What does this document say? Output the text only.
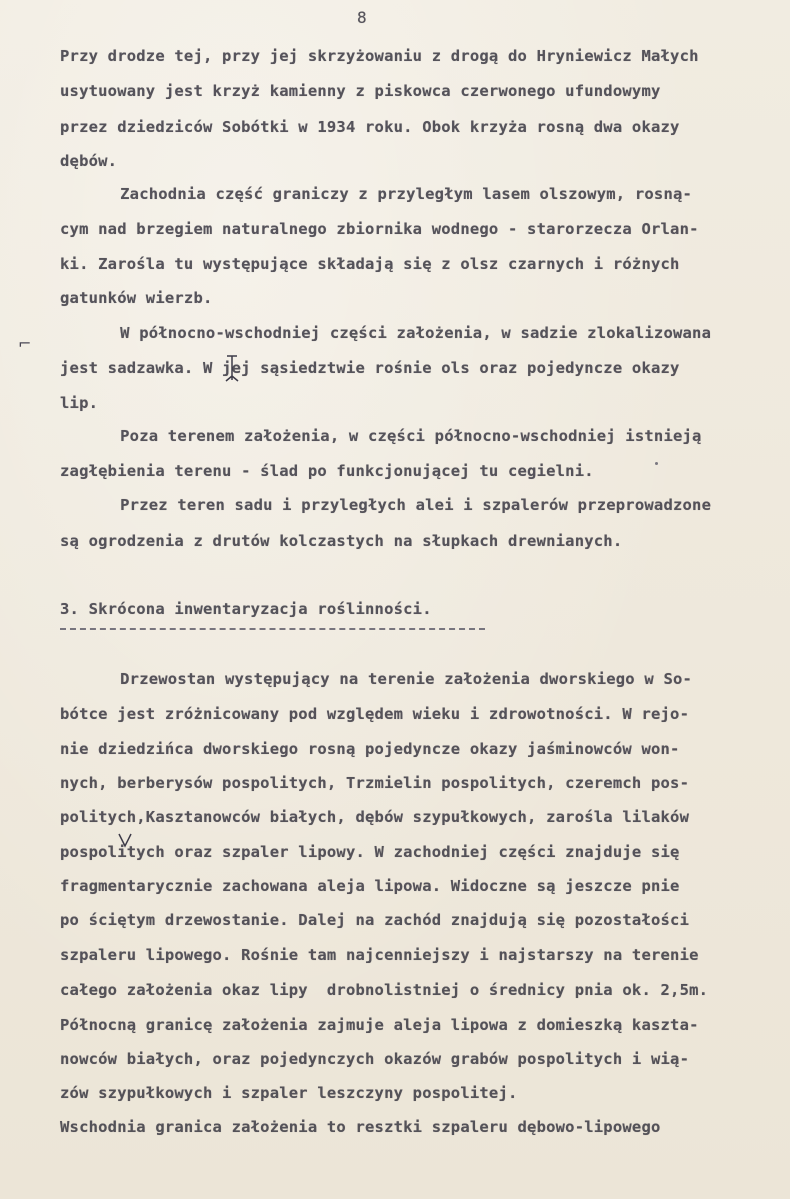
8
Przy drodze tej, przy jej skrzyżowaniu z drogą do Hryniewicz Małych
usytuowany jest krzyż kamienny z piskowca czerwonego ufundowymy
przez dziedziców Sobótki w 1934 roku. Obok krzyża rosną dwa okazy
dębów.
Zachodnia część graniczy z przyległym lasem olszowym, rosną-
cym nad brzegiem naturalnego zbiornika wodnego - starorzecza Orlan-
ki. Zarośla tu występujące składają się z olsz czarnych i różnych
gatunków wierzb.
W północno-wschodniej części założenia, w sadzie zlokalizowana
jest sadzawka. W jej sąsiedztwie rośnie ols oraz pojedyncze okazy
lip.
Poza terenem założenia, w części północno-wschodniej istnieją
zagłębienia terenu - ślad po funkcjonującej tu cegielni.
Przez teren sadu i przyległych alei i szpalerów przeprowadzone
są ogrodzenia z drutów kolczastych na słupkach drewnianych.
3. Skrócona inwentaryzacja roślinności.
Drzewostan występujący na terenie założenia dworskiego w So-
bótce jest zróżnicowany pod względem wieku i zdrowotności. W rejo-
nie dziedzińca dworskiego rosną pojedyncze okazy jaśminowców won-
nych, berberysów pospolitych, Trzmielin pospolitych, czeremch pos-
politych,Kasztanowców białych, dębów szypułkowych, zarośla lilaków
pospolitych oraz szpaler lipowy. W zachodniej części znajduje się
fragmentarycznie zachowana aleja lipowa. Widoczne są jeszcze pnie
po ściętym drzewostanie. Dalej na zachód znajdują się pozostałości
szpaleru lipowego. Rośnie tam najcenniejszy i najstarszy na terenie
całego założenia okaz lipy  drobnolistniej o średnicy pnia ok. 2,5m.
Północną granicę założenia zajmuje aleja lipowa z domieszką kaszta-
nowców białych, oraz pojedynczych okazów grabów pospolitych i wią-
zów szypułkowych i szpaler leszczyny pospolitej.
Wschodnia granica założenia to resztki szpaleru dębowo-lipowego
⌐
